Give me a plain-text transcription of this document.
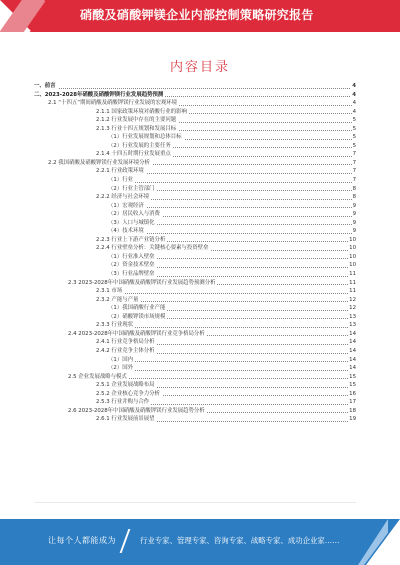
硝酸及硝酸钾镁企业内部控制策略研究报告
内容目录
一、前言	4
二、2023-2028年硝酸及硝酸钾镁行业发展趋势预测	4
2.1 “十四五”期间硝酸及硝酸钾镁行业发展的宏观环境	4
2.1.1 国家政策环境对硝酸行业的影响	4
2.1.2 行业发展中存在的主要问题	5
2.1.3 行业十四五规划和发展目标	5
（1）行业发展规划和总体目标	5
（2）行业发展的主要任务	5
2.1.4 十四五时期行业发展重点	7
2.2 我国硝酸及硝酸钾镁行业发展环境分析	7
2.2.1 行业政策环境	7
（1）行业	7
（2）行业主管部门	8
2.2.2 经济与社会环境	8
（1）宏观经济	9
（2）居民收入与消费	9
（3）人口与城镇化	9
（4）技术环境	9
2.2.3 行业上下游产业链分析	10
2.2.4 行业壁垒分析：关键核心要素与投资壁垒	10
（1）行业准入壁垒	10
（2）资金技术壁垒	10
（3）行业品牌壁垒	11
2.3 2023-2028年中国硝酸及硝酸钾镁行业发展趋势预测分析	11
2.3.1 市场	11
2.3.2 产能与产量	12
（1）我国硝酸行业产能	12
（2）硝酸钾镁市场规模	13
2.3.3 行业现状	13
2.4 2023-2028年中国硝酸及硝酸钾镁行业竞争格局分析	14
2.4.1 行业竞争格局分析	14
2.4.2 行业竞争主体分析	14
（1）国内	14
（2）国外	14
2.5 企业发展战略与模式	15
2.5.1 企业发展战略布局	15
2.5.2 企业核心竞争力分析	16
2.5.3 行业并购与合作	17
2.6 2023-2028年中国硝酸及硝酸钾镁行业发展趋势分析	18
2.6.1 行业发展前景展望	19
让每个人都能成为	行业专家、管理专家、咨询专家、战略专家、成功企业家……
